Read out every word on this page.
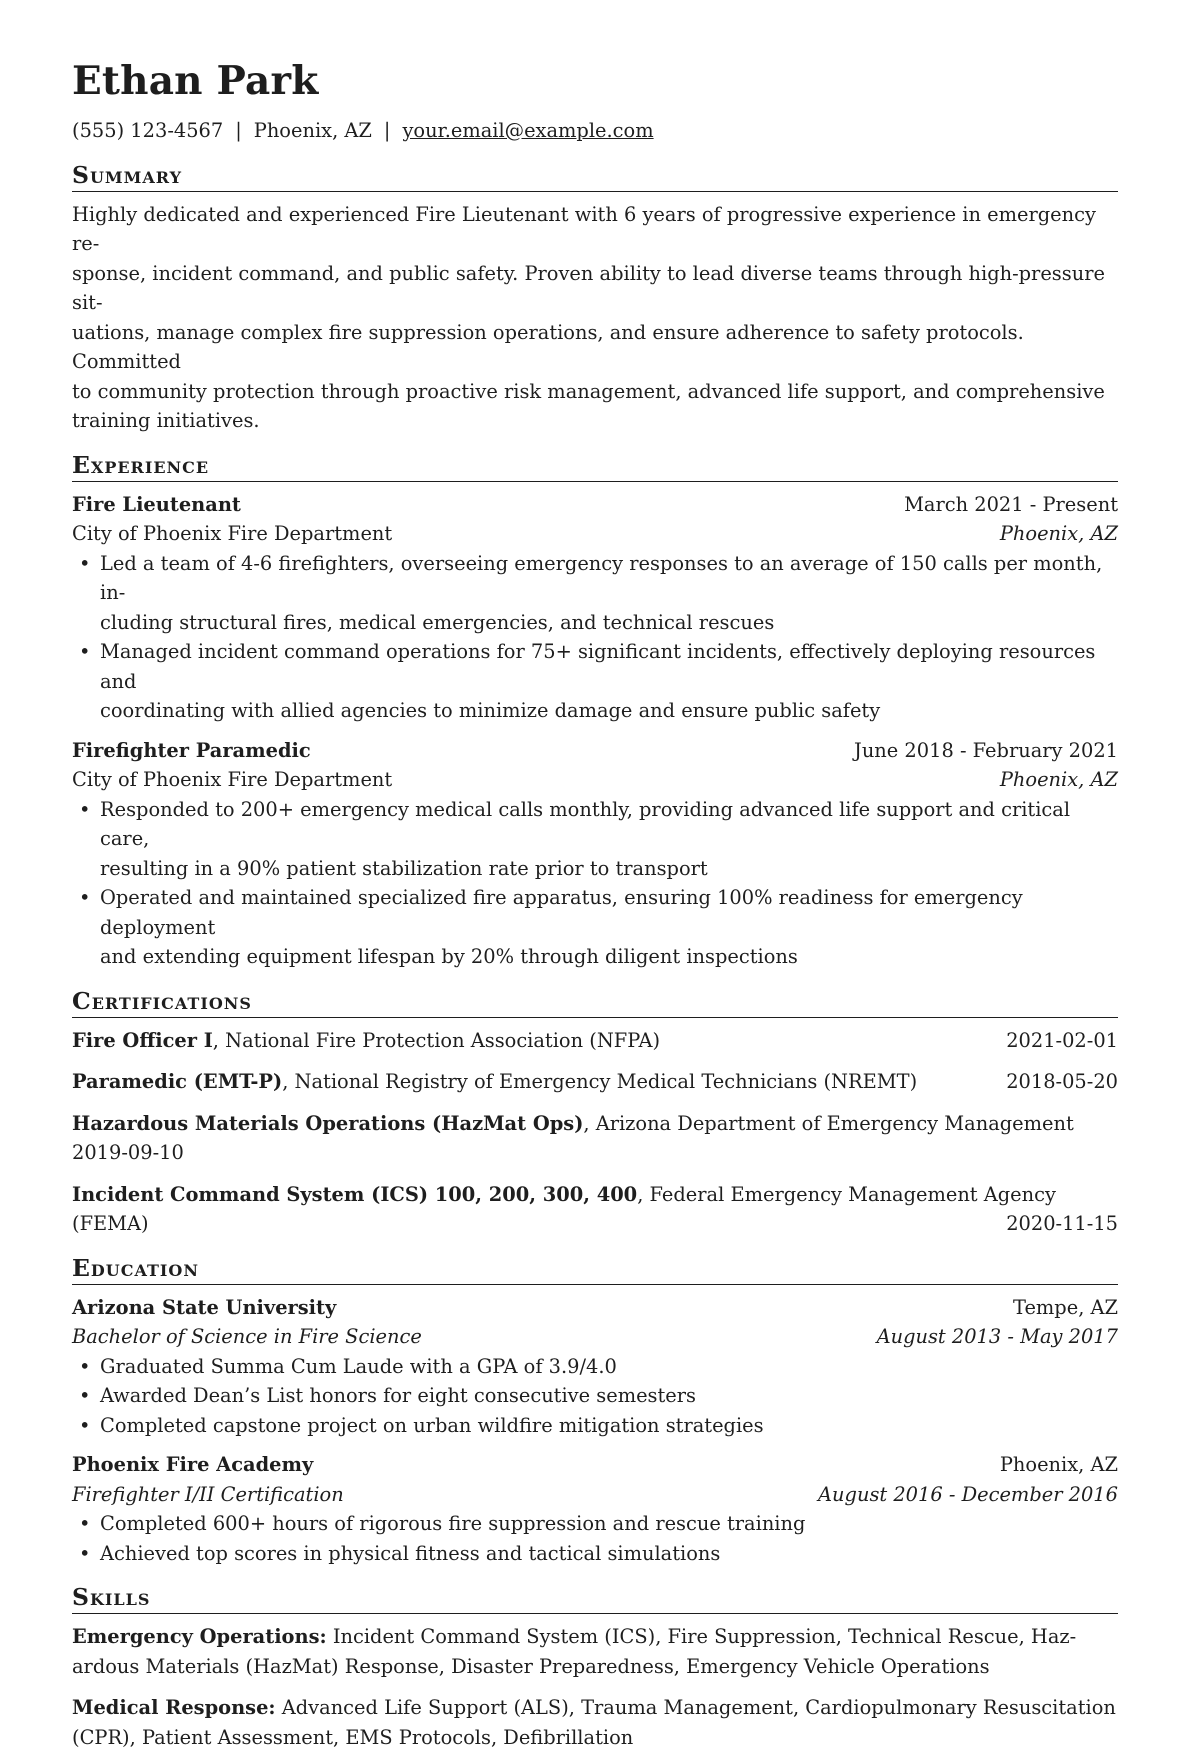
Ethan Park
(555) 123-4567 | Phoenix, AZ | your.email@example.com
Summary

Highly dedicated and experienced Fire Lieutenant with 6 years of progressive experience in emergency re-
sponse, incident command, and public safety. Proven ability to lead diverse teams through high-pressure sit-
uations, manage complex fire suppression operations, and ensure adherence to safety protocols. Committed
to community protection through proactive risk management, advanced life support, and comprehensive
training initiatives.

Experience
Fire Lieutenant	March 2021 - Present
City of Phoenix Fire Department	Phoenix, AZ
• Led a team of 4-6 firefighters, overseeing emergency responses to an average of 150 calls per month, in-
cluding structural fires, medical emergencies, and technical rescues
• Managed incident command operations for 75+ significant incidents, effectively deploying resources and
coordinating with allied agencies to minimize damage and ensure public safety
Firefighter Paramedic	June 2018 - February 2021
City of Phoenix Fire Department	Phoenix, AZ
• Responded to 200+ emergency medical calls monthly, providing advanced life support and critical care,
resulting in a 90% patient stabilization rate prior to transport
• Operated and maintained specialized fire apparatus, ensuring 100% readiness for emergency deployment
and extending equipment lifespan by 20% through diligent inspections
Certifications
Fire Officer I, National Fire Protection Association (NFPA)	2021-02-01
Paramedic (EMT-P), National Registry of Emergency Medical Technicians (NREMT)	2018-05-20
Hazardous Materials Operations (HazMat Ops), Arizona Department of Emergency Management
2019-09-10
Incident Command System (ICS) 100, 200, 300, 400, Federal Emergency Management Agency
(FEMA)	2020-11-15
Education
Arizona State University	Tempe, AZ
Bachelor of Science in Fire Science	August 2013 - May 2017
• Graduated Summa Cum Laude with a GPA of 3.9/4.0
• Awarded Dean’s List honors for eight consecutive semesters
• Completed capstone project on urban wildfire mitigation strategies
Phoenix Fire Academy	Phoenix, AZ
Firefighter I/II Certification	August 2016 - December 2016
• Completed 600+ hours of rigorous fire suppression and rescue training
• Achieved top scores in physical fitness and tactical simulations
Skills
Emergency Operations: Incident Command System (ICS), Fire Suppression, Technical Rescue, Haz-
ardous Materials (HazMat) Response, Disaster Preparedness, Emergency Vehicle Operations
Medical Response: Advanced Life Support (ALS), Trauma Management, Cardiopulmonary Resuscitation
(CPR), Patient Assessment, EMS Protocols, Defibrillation
